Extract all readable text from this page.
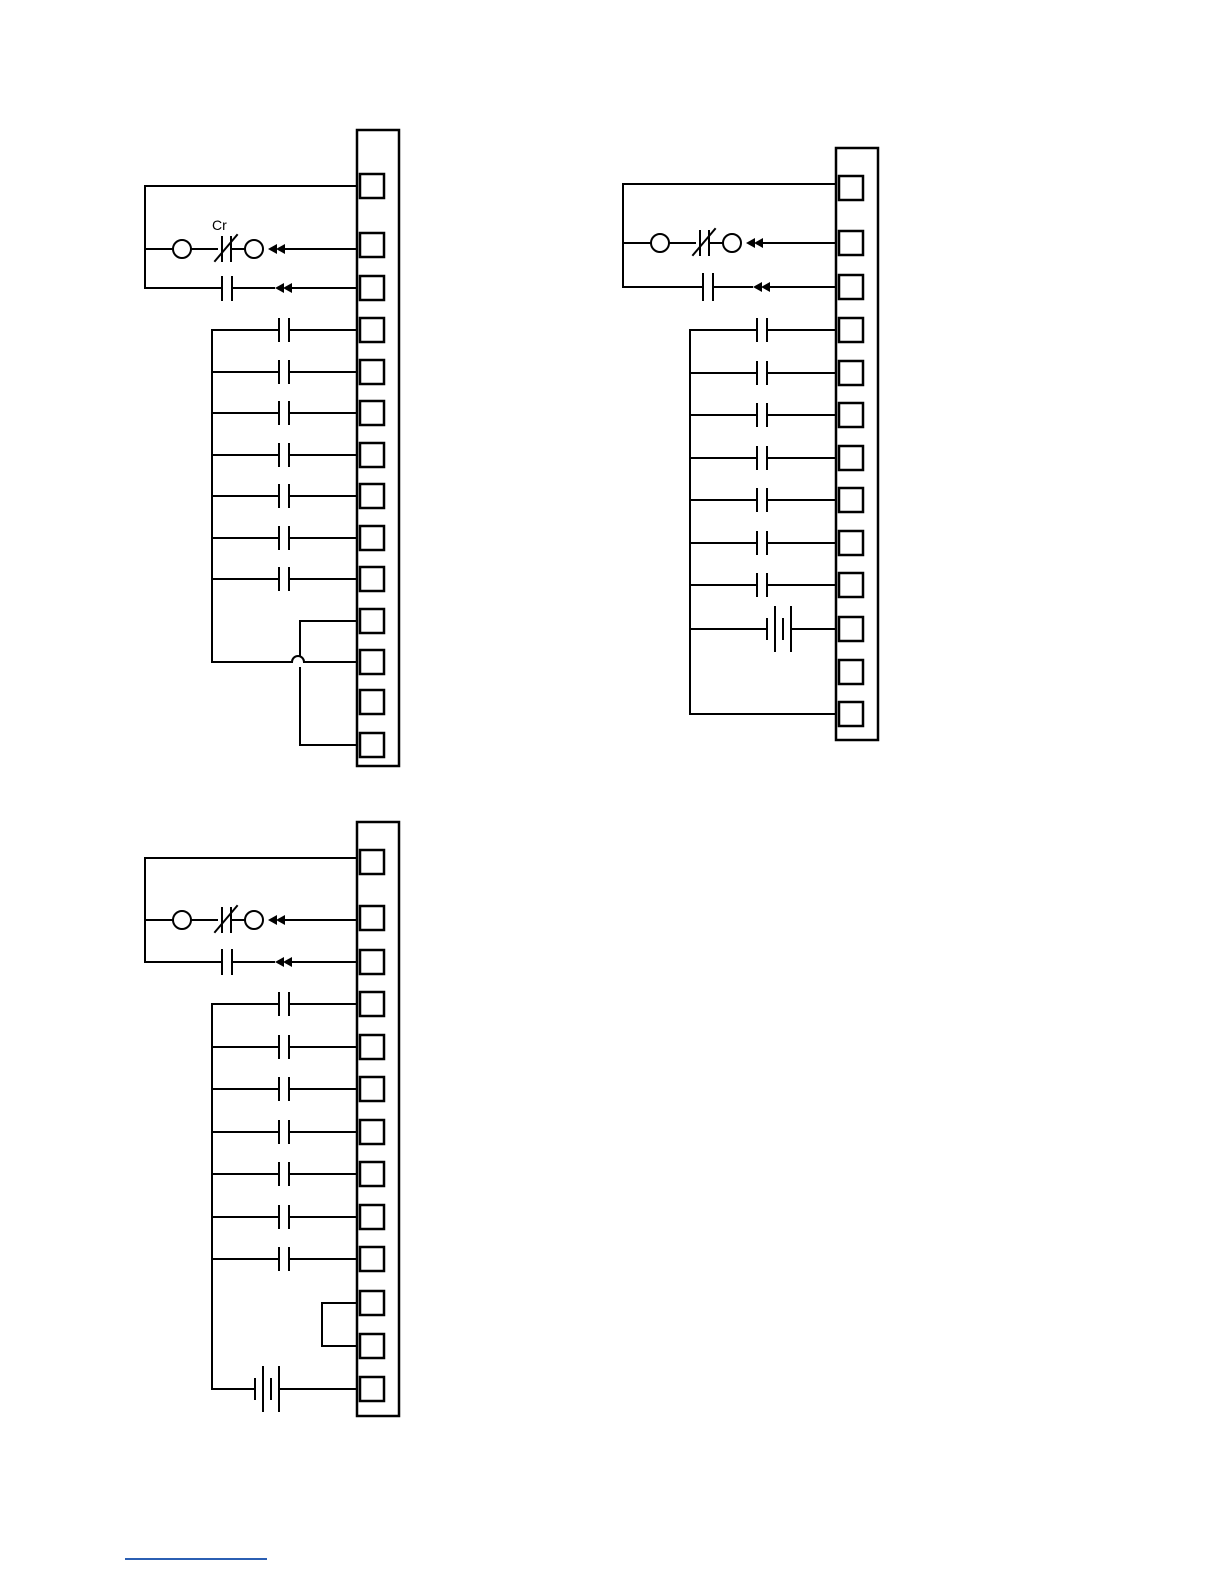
Cr
